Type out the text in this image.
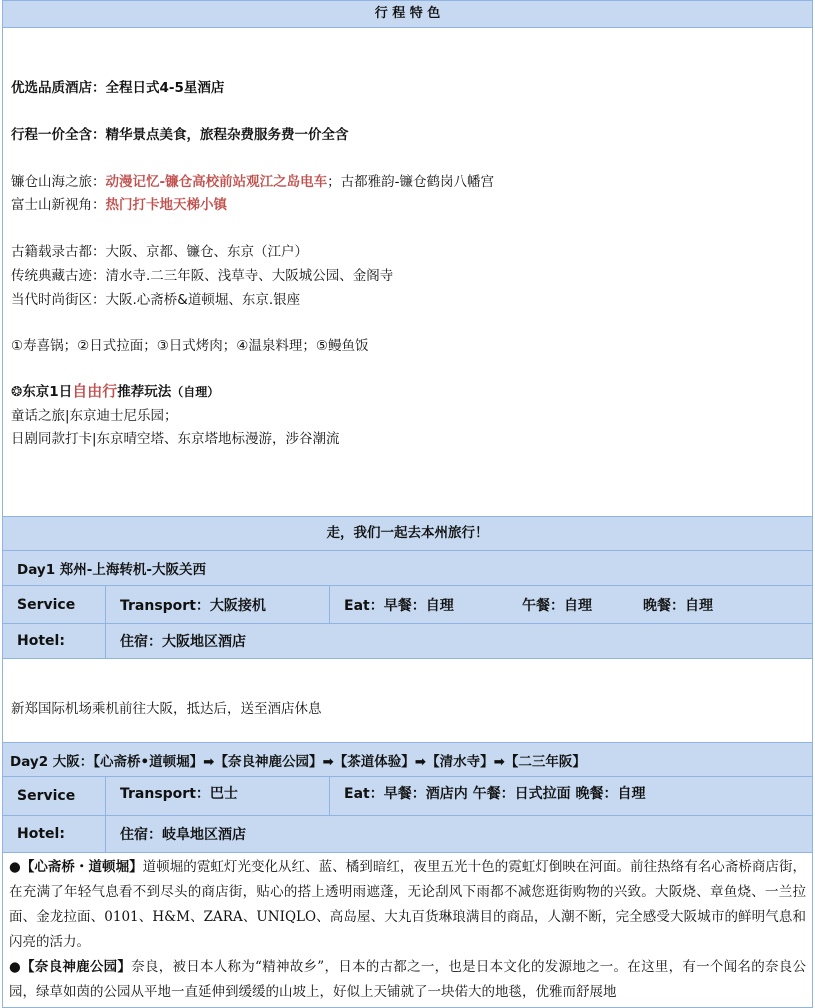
行 程 特 色
优选品质酒店：全程日式4-5星酒店
行程一价全含：精华景点美食，旅程杂费服务费一价全含
镰仓山海之旅：动漫记忆-镰仓高校前站观江之岛电车；古都雅韵-镰仓鹤岗八幡宫
富士山新视角：热门打卡地天梯小镇
古籍载录古都：大阪、京都、镰仓、东京（江户）
传统典藏古迹：清水寺.二三年阪、浅草寺、大阪城公园、金阁寺
当代时尚街区：大阪.心斋桥&道顿堀、东京.银座
①寿喜锅；②日式拉面；③日式烤肉；④温泉料理；⑤鳗鱼饭
❂东京1日自由行推荐玩法（自理）
童话之旅|东京迪士尼乐园；
日剧同款打卡|东京晴空塔、东京塔地标漫游，涉谷潮流
走，我们一起去本州旅行！
Day1 郑州-上海转机-大阪关西
Service	Transport：大阪接机	Eat：早餐：自理	午餐：自理	晚餐：自理
Hotel:	住宿：大阪地区酒店
新郑国际机场乘机前往大阪，抵达后，送至酒店休息
Day2 大阪：【心斋桥•道顿堀】➡【奈良神鹿公园】➡【茶道体验】➡【清水寺】➡【二三年阪】
Service	Transport：巴士	Eat：早餐：酒店内 午餐：日式拉面 晚餐：自理
Hotel:	住宿：岐阜地区酒店
●【心斋桥・道顿堀】道顿堀的霓虹灯光变化从红、蓝、橘到暗红，夜里五光十色的霓虹灯倒映在河面。前往热络有名心斋桥商店街，在充满了年轻气息看不到尽头的商店街，贴心的搭上透明雨遮蓬，无论刮风下雨都不减您逛街购物的兴致。大阪烧、章鱼烧、一兰拉面、金龙拉面、0101、H&M、ZARA、UNIQLO、高岛屋、大丸百货琳琅满目的商品，人潮不断，完全感受大阪城市的鲜明气息和闪亮的活力。
●【奈良神鹿公园】奈良，被日本人称为“精神故乡”，日本的古都之一，也是日本文化的发源地之一。在这里，有一个闻名的奈良公园，绿草如茵的公园从平地一直延伸到缓缓的山坡上，好似上天铺就了一块偌大的地毯，优雅而舒展地
